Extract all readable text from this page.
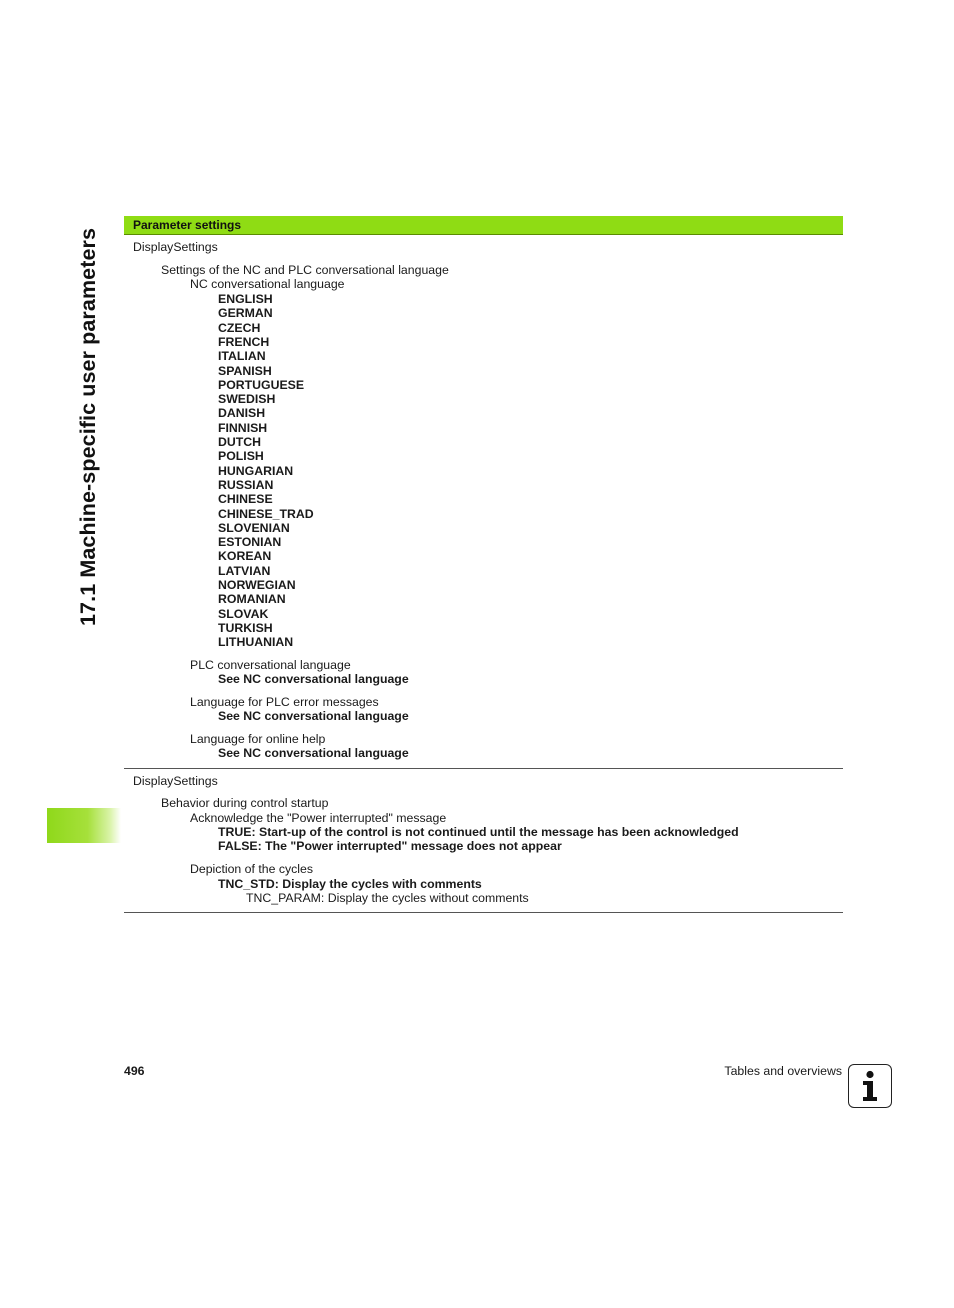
17.1 Machine-specific user parameters
Parameter settings
DisplaySettings
Settings of the NC and PLC conversational language
NC conversational language
ENGLISH
GERMAN
CZECH
FRENCH
ITALIAN
SPANISH
PORTUGUESE
SWEDISH
DANISH
FINNISH
DUTCH
POLISH
HUNGARIAN
RUSSIAN
CHINESE
CHINESE_TRAD
SLOVENIAN
ESTONIAN
KOREAN
LATVIAN
NORWEGIAN
ROMANIAN
SLOVAK
TURKISH
LITHUANIAN
PLC conversational language
See NC conversational language
Language for PLC error messages
See NC conversational language
Language for online help
See NC conversational language
DisplaySettings
Behavior during control startup
Acknowledge the "Power interrupted" message
TRUE: Start-up of the control is not continued until the message has been acknowledged
FALSE: The "Power interrupted" message does not appear
Depiction of the cycles
TNC_STD: Display the cycles with comments
TNC_PARAM: Display the cycles without comments
496	Tables and overviews
